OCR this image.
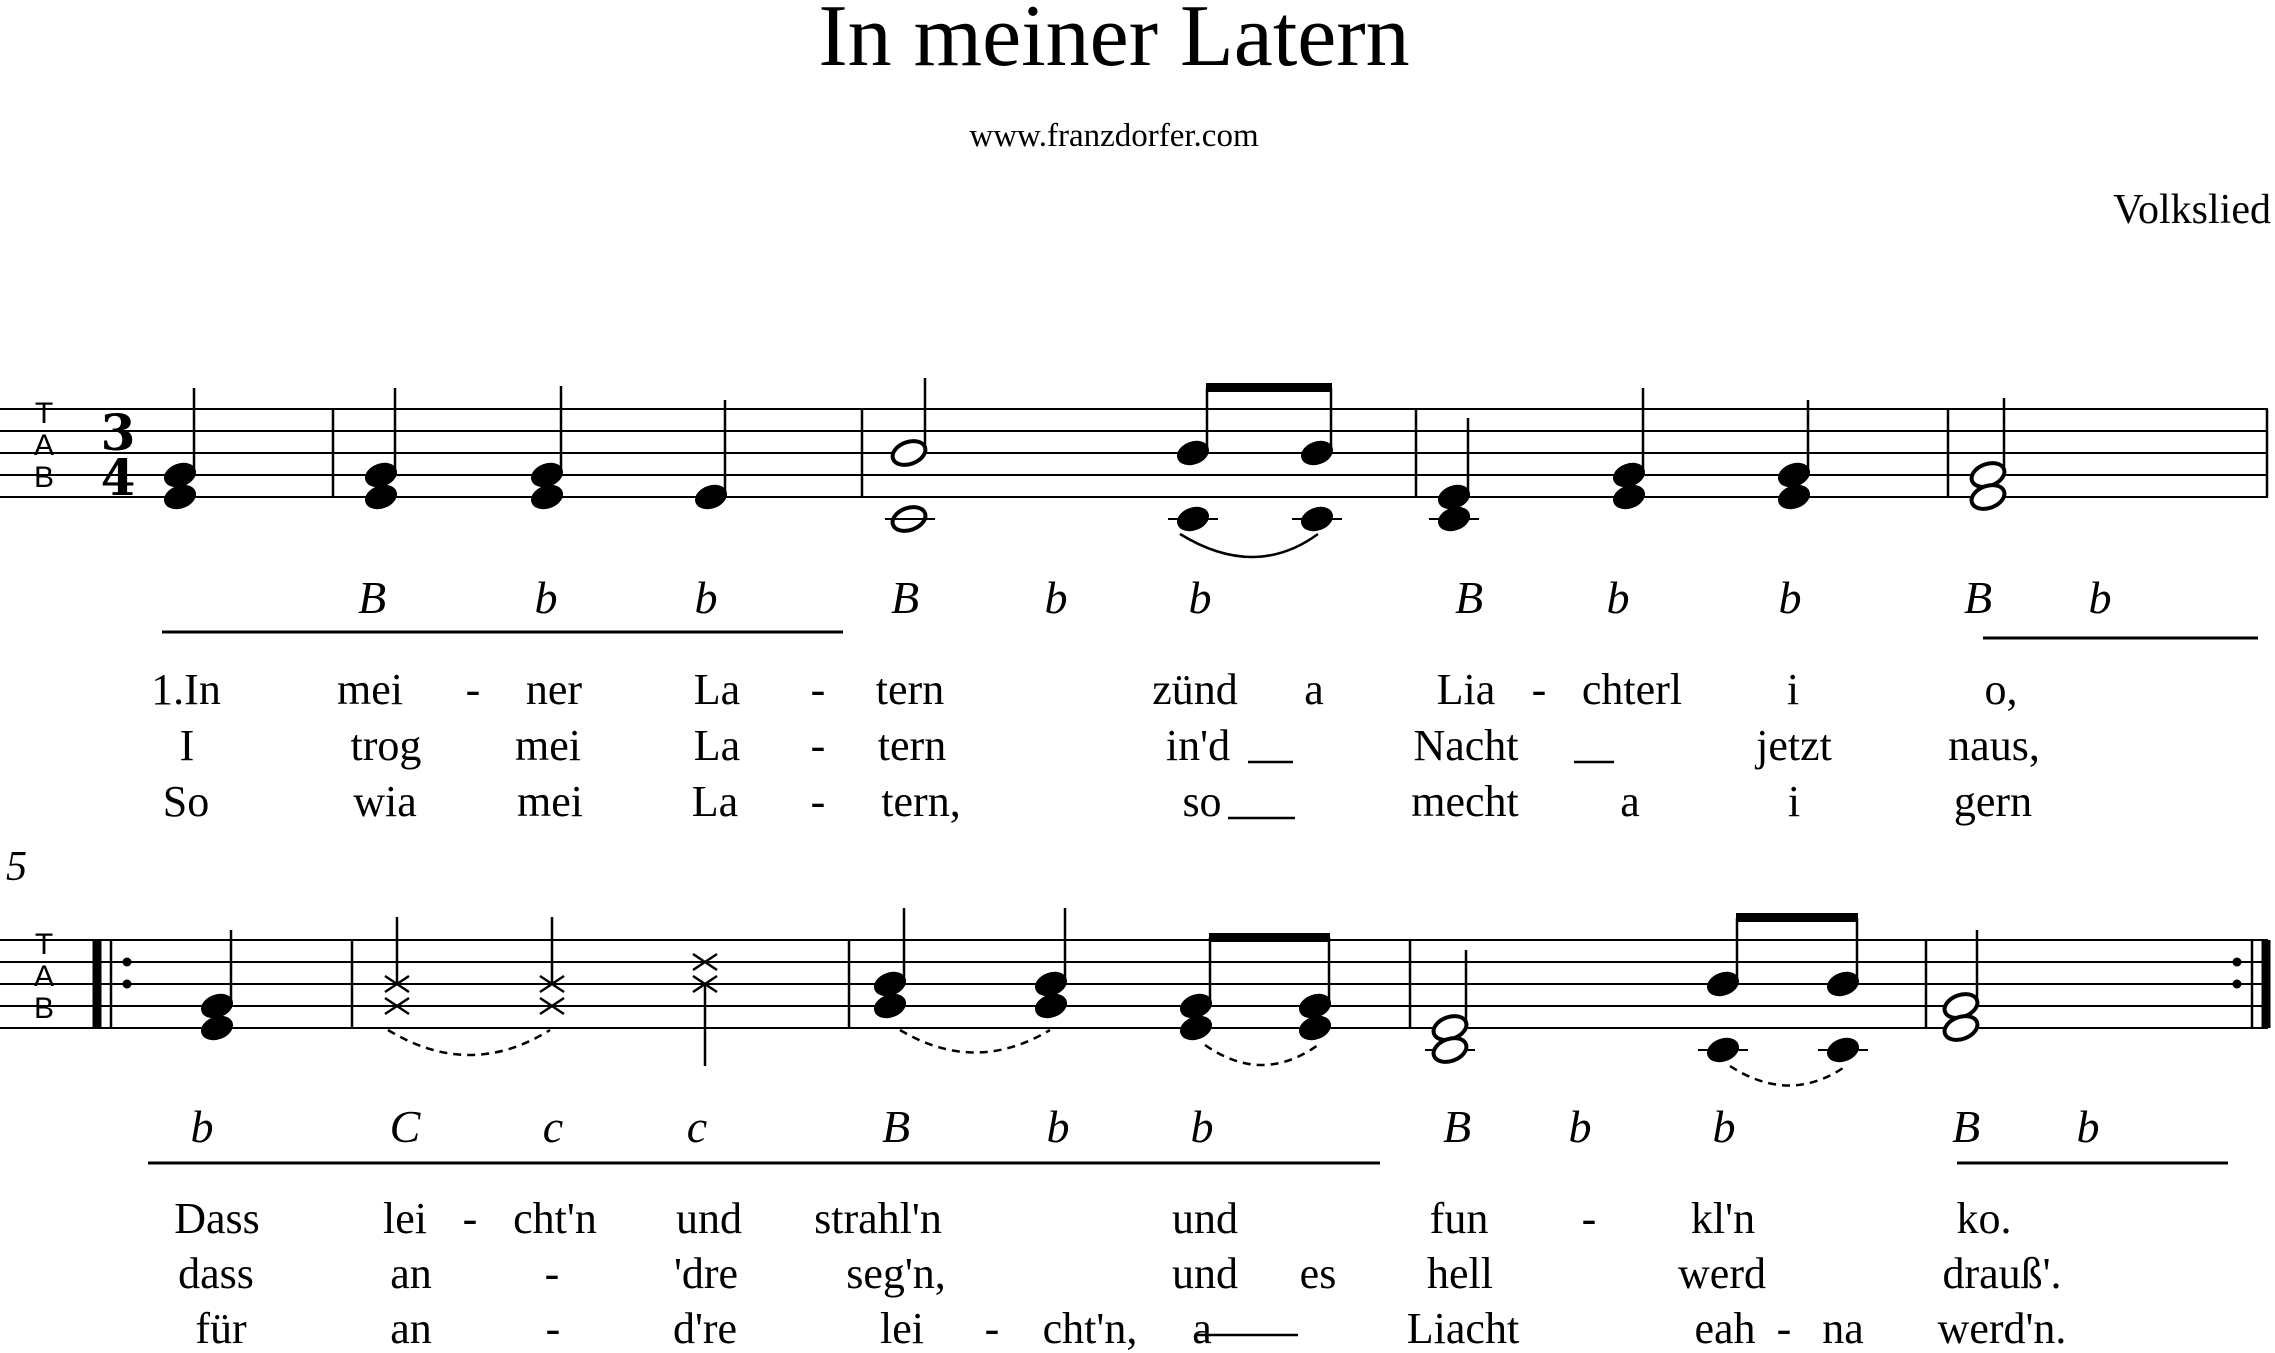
In meiner Latern
www.franzdorfer.com
Volkslied
T
A
B
T
A
B
3
4
5
B	b	b	B	b	b	B	b	b	B b
1.In	mei - ner	La - tern	zünd a	Lia - chterl i	o,
I	trog mei	La - tern	in'd	Nacht	jetzt	naus,
So	wia mei La - tern,	so	mecht a	i	gern
b	C	c	c	B	b	b	B b	b	B b
Dass	lei - cht'n und strahl'n	und	fun - kl'n	ko.
dass	an	-	'dre seg'n,	und es hell	werd	drauß'.
für	an	-	d're	lei - cht'n, a	Liacht	eah - na werd'n.
